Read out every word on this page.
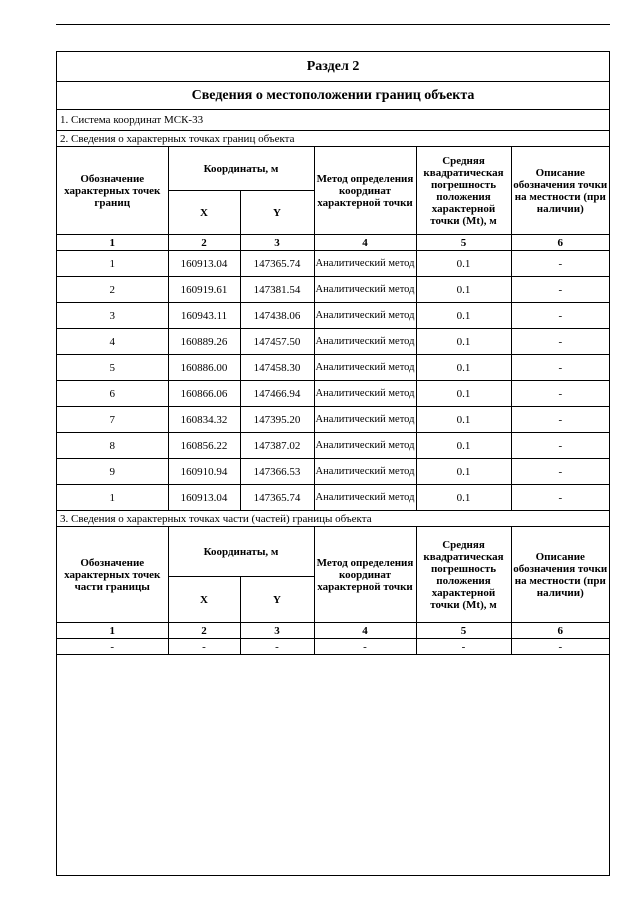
Раздел 2					
Сведения о местоположении границ объекта					
1. Система координат МСК-33					
2. Сведения о характерных точках границ объекта					
Обозначение характерных точек границ	Координаты, м		Метод определения координат характерной точки	Средняя квадратическая погрешность положения характерной точки (Mt), м	Описание обозначения точки на местности (при наличии)
	X	Y			
1	2	3	4	5	6
1	160913.04	147365.74	Аналитический метод	0.1	-
2	160919.61	147381.54	Аналитический метод	0.1	-
3	160943.11	147438.06	Аналитический метод	0.1	-
4	160889.26	147457.50	Аналитический метод	0.1	-
5	160886.00	147458.30	Аналитический метод	0.1	-
6	160866.06	147466.94	Аналитический метод	0.1	-
7	160834.32	147395.20	Аналитический метод	0.1	-
8	160856.22	147387.02	Аналитический метод	0.1	-
9	160910.94	147366.53	Аналитический метод	0.1	-
1	160913.04	147365.74	Аналитический метод	0.1	-
3. Сведения о характерных точках части (частей) границы объекта					
Обозначение характерных точек части границы	Координаты, м		Метод определения координат характерной точки	Средняя квадратическая погрешность положения характерной точки (Mt), м	Описание обозначения точки на местности (при наличии)
	X	Y			
1	2	3	4	5	6
-	-	-	-	-	-
